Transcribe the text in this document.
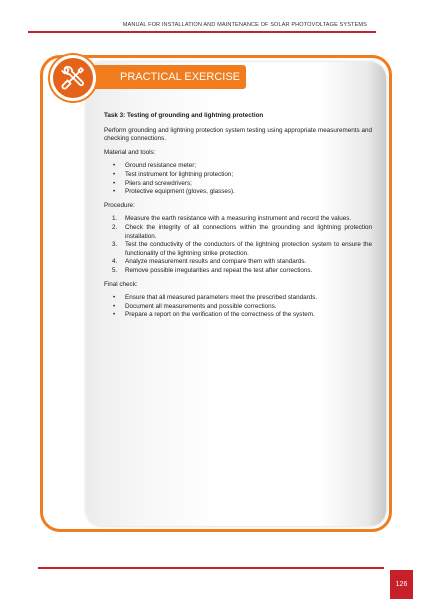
MANUAL FOR INSTALLATION AND MAINTENANCE OF SOLAR PHOTOVOLTAGE SYSTEMS
PRACTICAL EXERCISE
Task 3: Testing of grounding and lightning protection
Perform grounding and lightning protection system testing using appropriate measurements and checking connections.
Material and tools:
• Ground resistance meter;
• Test instrument for lightning protection;
• Pliers and screwdrivers;
• Protective equipment (gloves, glasses).
Procedure:
1. Measure the earth resistance with a measuring instrument and record the values.
2. Check the integrity of all connections within the grounding and lightning protection installation.
3. Test the conductivity of the conductors of the lightning protection system to ensure the functionality of the lightning strike protection.
4. Analyze measurement results and compare them with standards.
5. Remove possible irregularities and repeat the test after corrections.
Final check:
• Ensure that all measured parameters meet the prescribed standards.
• Document all measurements and possible corrections.
• Prepare a report on the verification of the correctness of the system.
126
